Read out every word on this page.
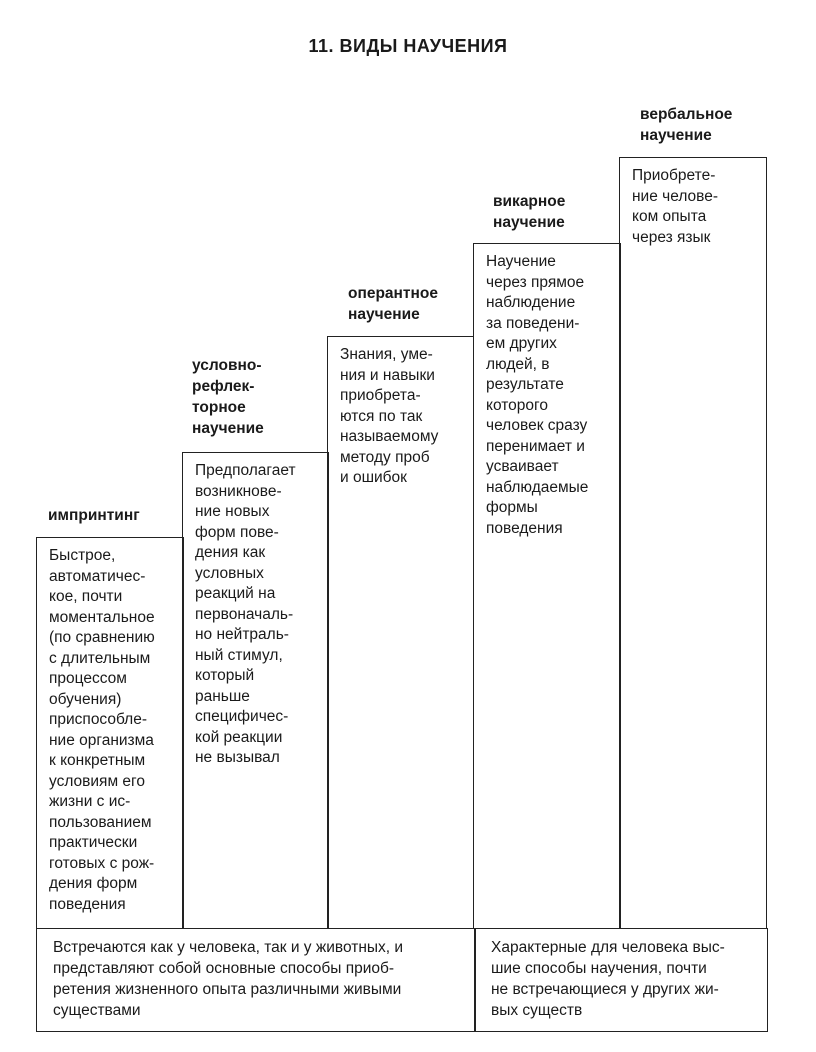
11. ВИДЫ НАУЧЕНИЯ

импринтинг

Быстрое,
автоматичес-
кое, почти
моментальное
(по сравнению
с длительным
процессом
обучения)
приспособле-
ние организма
к конкретным
условиям его
жизни с ис-
пользованием
практически
готовых с рож-
дения форм
поведения

условно-
рефлек-
торное
научение

Предполагает
возникнове-
ние новых
форм пове-
дения как
условных
реакций на
первоначаль-
но нейтраль-
ный стимул,
который
раньше
специфичес-
кой реакции
не вызывал

оперантное
научение

Знания, уме-
ния и навыки
приобрета-
ются по так
называемому
методу проб
и ошибок

викарное
научение

Научение
через прямое
наблюдение
за поведени-
ем других
людей, в
результате
которого
человек сразу
перенимает и
усваивает
наблюдаемые
формы
поведения

вербальное
научение

Приобрете-
ние челове-
ком опыта
через язык

Встречаются как у человека, так и у животных, и
представляют собой основные способы приоб-
ретения жизненного опыта различными живыми
существами

Характерные для человека выс-
шие способы научения, почти
не встречающиеся у других жи-
вых существ
